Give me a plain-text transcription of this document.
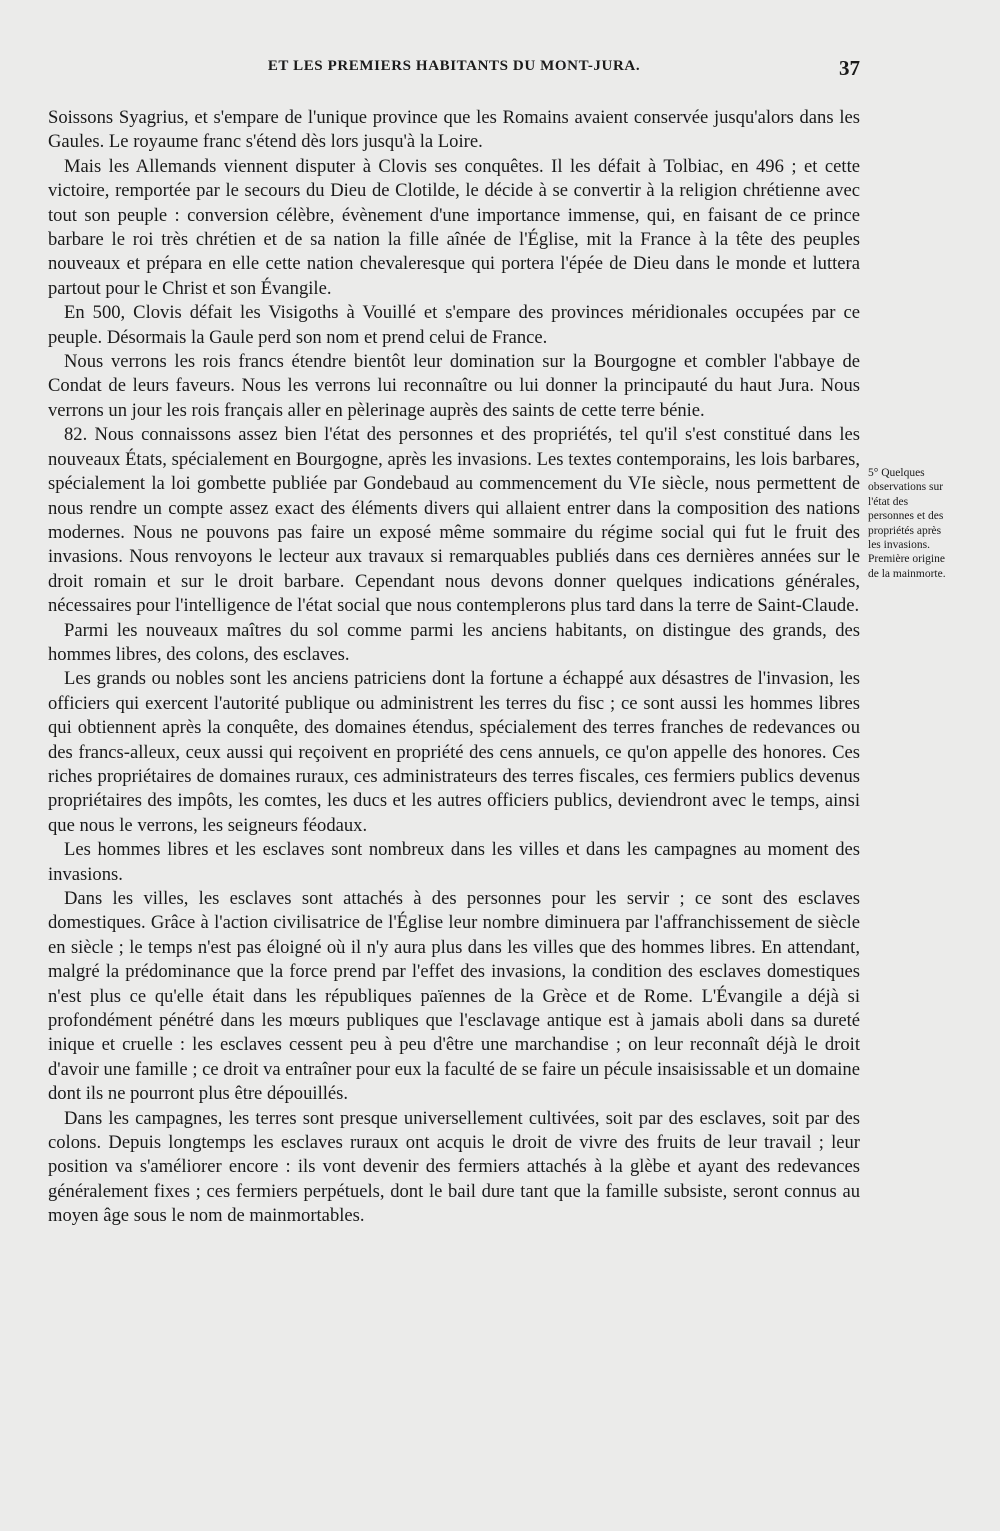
ET LES PREMIERS HABITANTS DU MONT-JURA.	37

Soissons Syagrius, et s'empare de l'unique province que les Romains avaient conservée jusqu'alors dans les Gaules. Le royaume franc s'étend dès lors jusqu'à la Loire.

Mais les Allemands viennent disputer à Clovis ses conquêtes. Il les défait à Tolbiac, en 496 ; et cette victoire, remportée par le secours du Dieu de Clotilde, le décide à se convertir à la religion chrétienne avec tout son peuple : conversion célèbre, évènement d'une importance immense, qui, en faisant de ce prince barbare le roi très chrétien et de sa nation la fille aînée de l'Église, mit la France à la tête des peuples nouveaux et prépara en elle cette nation chevaleresque qui portera l'épée de Dieu dans le monde et luttera partout pour le Christ et son Évangile.

En 500, Clovis défait les Visigoths à Vouillé et s'empare des provinces méridionales occupées par ce peuple. Désormais la Gaule perd son nom et prend celui de France.

Nous verrons les rois francs étendre bientôt leur domination sur la Bourgogne et combler l'abbaye de Condat de leurs faveurs. Nous les verrons lui reconnaître ou lui donner la principauté du haut Jura. Nous verrons un jour les rois français aller en pèlerinage auprès des saints de cette terre bénie.

82. Nous connaissons assez bien l'état des personnes et des propriétés, tel qu'il s'est constitué dans les nouveaux États, spécialement en Bourgogne, après les invasions. Les textes contemporains, les lois barbares, spécialement la loi gombette publiée par Gondebaud au commencement du VIe siècle, nous permettent de nous rendre un compte assez exact des éléments divers qui allaient entrer dans la composition des nations modernes. Nous ne pouvons pas faire un exposé même sommaire du régime social qui fut le fruit des invasions. Nous renvoyons le lecteur aux travaux si remarquables publiés dans ces dernières années sur le droit romain et sur le droit barbare. Cependant nous devons donner quelques indications générales, nécessaires pour l'intelligence de l'état social que nous contemplerons plus tard dans la terre de Saint-Claude.

Parmi les nouveaux maîtres du sol comme parmi les anciens habitants, on distingue des grands, des hommes libres, des colons, des esclaves.

Les grands ou nobles sont les anciens patriciens dont la fortune a échappé aux désastres de l'invasion, les officiers qui exercent l'autorité publique ou administrent les terres du fisc ; ce sont aussi les hommes libres qui obtiennent après la conquête, des domaines étendus, spécialement des terres franches de redevances ou des francs-alleux, ceux aussi qui reçoivent en propriété des cens annuels, ce qu'on appelle des honores. Ces riches propriétaires de domaines ruraux, ces administrateurs des terres fiscales, ces fermiers publics devenus propriétaires des impôts, les comtes, les ducs et les autres officiers publics, deviendront avec le temps, ainsi que nous le verrons, les seigneurs féodaux.

Les hommes libres et les esclaves sont nombreux dans les villes et dans les campagnes au moment des invasions.

Dans les villes, les esclaves sont attachés à des personnes pour les servir ; ce sont des esclaves domestiques. Grâce à l'action civilisatrice de l'Église leur nombre diminuera par l'affranchissement de siècle en siècle ; le temps n'est pas éloigné où il n'y aura plus dans les villes que des hommes libres. En attendant, malgré la prédominance que la force prend par l'effet des invasions, la condition des esclaves domestiques n'est plus ce qu'elle était dans les républiques païennes de la Grèce et de Rome. L'Évangile a déjà si profondément pénétré dans les mœurs publiques que l'esclavage antique est à jamais aboli dans sa dureté inique et cruelle : les esclaves cessent peu à peu d'être une marchandise ; on leur reconnaît déjà le droit d'avoir une famille ; ce droit va entraîner pour eux la faculté de se faire un pécule insaisissable et un domaine dont ils ne pourront plus être dépouillés.

Dans les campagnes, les terres sont presque universellement cultivées, soit par des esclaves, soit par des colons. Depuis longtemps les esclaves ruraux ont acquis le droit de vivre des fruits de leur travail ; leur position va s'améliorer encore : ils vont devenir des fermiers attachés à la glèbe et ayant des redevances généralement fixes ; ces fermiers perpétuels, dont le bail dure tant que la famille subsiste, seront connus au moyen âge sous le nom de mainmortables.

5° Quelques observations sur l'état des personnes et des propriétés après les invasions. Première origine de la mainmorte.
